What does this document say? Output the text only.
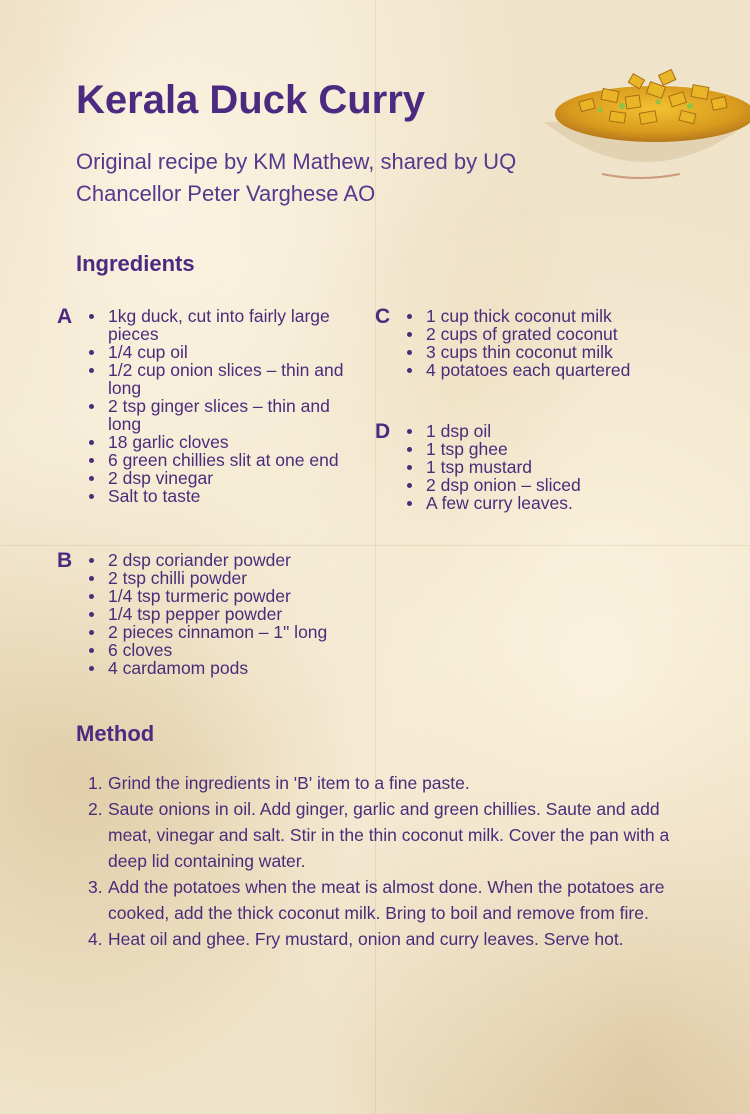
Kerala Duck Curry

Original recipe by KM Mathew, shared by UQ Chancellor Peter Varghese AO

Ingredients
A	1kg duck, cut into fairly large pieces
1/4 cup oil
1/2 cup onion slices – thin and long
2 tsp ginger slices – thin and long
18 garlic cloves
6 green chillies slit at one end
2 dsp vinegar
Salt to taste
B	2 dsp coriander powder
2 tsp chilli powder
1/4 tsp turmeric powder
1/4 tsp pepper powder
2 pieces cinnamon – 1" long
6 cloves
4 cardamom pods
C	1 cup thick coconut milk
2 cups of grated coconut
3 cups thin coconut milk
4 potatoes each quartered
D	1 dsp oil
1 tsp ghee
1 tsp mustard
2 dsp onion – sliced
A few curry leaves.
Method
1. Grind the ingredients in 'B' item to a fine paste.
2. Saute onions in oil. Add ginger, garlic and green chillies. Saute and add meat, vinegar and salt. Stir in the thin coconut milk. Cover the pan with a deep lid containing water.
3. Add the potatoes when the meat is almost done. When the potatoes are cooked, add the thick coconut milk. Bring to boil and remove from fire.
4. Heat oil and ghee. Fry mustard, onion and curry leaves. Serve hot.
